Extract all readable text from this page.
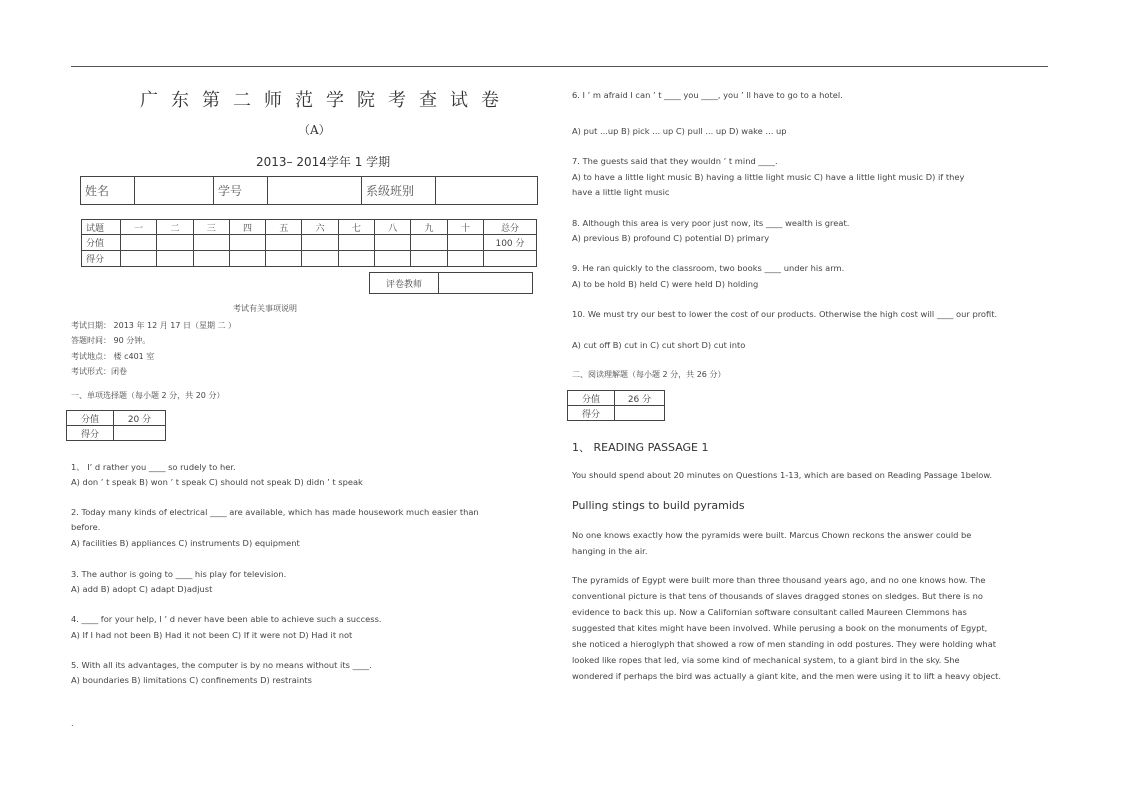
广东第二师范学院考查试卷
（A）
2013– 2014学年 1 学期
姓名		学号		系级班别	
试题	一	二	三	四	五	六	七	八	九	十	总分
分值											100 分
得分											
评卷教师	
考试有关事项说明
考试日期： 2013 年 12 月 17 日（星期 二 ）
答题时间： 90 分钟。
考试地点： 楼 c401 室
考试形式：闭卷
一、单项选择题（每小题 2 分，共 20 分）
分值	20 分
得分	
1、 I’ d rather you ____ so rudely to her.
A) don ’ t speak B) won ’ t speak C) should not speak D) didn ’ t speak
2. Today many kinds of electrical ____ are available, which has made housework much easier than
before.
A) facilities B) appliances C) instruments D) equipment
3. The author is going to ____ his play for television.
A) add B) adopt C) adapt D)adjust
4. ____ for your help, I ’ d never have been able to achieve such a success.
A) If I had not been B) Had it not been C) If it were not D) Had it not
5. With all its advantages, the computer is by no means without its ____.
A) boundaries B) limitations C) confinements D) restraints
.
6. I ’ m afraid I can ’ t ____ you ____, you ’ ll have to go to a hotel.
A) put ...up B) pick ... up C) pull ... up D) wake ... up
7. The guests said that they wouldn ’ t mind ____.
A) to have a little light music B) having a little light music C) have a little light music D) if they
have a little light music
8. Although this area is very poor just now, its ____ wealth is great.
A) previous B) profound C) potential D) primary
9. He ran quickly to the classroom, two books ____ under his arm.
A) to be hold B) held C) were held D) holding
10. We must try our best to lower the cost of our products. Otherwise the high cost will ____ our profit.
A) cut off B) cut in C) cut short D) cut into
二、阅读理解题（每小题 2 分，共 26 分）
分值	26 分
得分	
1、 READING PASSAGE 1
You should spend about 20 minutes on Questions 1-13, which are based on Reading Passage 1below.
Pulling stings to build pyramids
No one knows exactly how the pyramids were built. Marcus Chown reckons the answer could be hanging in the air.
The pyramids of Egypt were built more than three thousand years ago, and no one knows how. The conventional picture is that tens of thousands of slaves dragged stones on sledges. But there is no evidence to back this up. Now a Californian software consultant called Maureen Clemmons has suggested that kites might have been involved. While perusing a book on the monuments of Egypt, she noticed a hieroglyph that showed a row of men standing in odd postures. They were holding what looked like ropes that led, via some kind of mechanical system, to a giant bird in the sky. She wondered if perhaps the bird was actually a giant kite, and the men were using it to lift a heavy object.
